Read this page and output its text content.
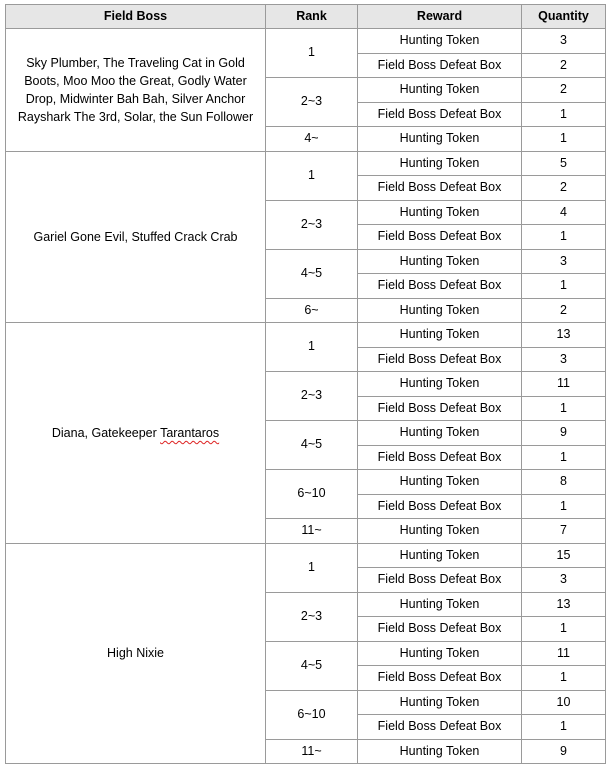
Field Boss	Rank	Reward	Quantity
Sky Plumber, The Traveling Cat in Gold Boots, Moo Moo the Great, Godly Water Drop, Midwinter Bah Bah, Silver Anchor Rayshark The 3rd, Solar, the Sun Follower	1	Hunting Token	3
		Field Boss Defeat Box	2
	2~3	Hunting Token	2
		Field Boss Defeat Box	1
	4~	Hunting Token	1
Gariel Gone Evil, Stuffed Crack Crab	1	Hunting Token	5
		Field Boss Defeat Box	2
	2~3	Hunting Token	4
		Field Boss Defeat Box	1
	4~5	Hunting Token	3
		Field Boss Defeat Box	1
	6~	Hunting Token	2
Diana, Gatekeeper Tarantaros	1	Hunting Token	13
		Field Boss Defeat Box	3
	2~3	Hunting Token	11
		Field Boss Defeat Box	1
	4~5	Hunting Token	9
		Field Boss Defeat Box	1
	6~10	Hunting Token	8
		Field Boss Defeat Box	1
	11~	Hunting Token	7
High Nixie	1	Hunting Token	15
		Field Boss Defeat Box	3
	2~3	Hunting Token	13
		Field Boss Defeat Box	1
	4~5	Hunting Token	11
		Field Boss Defeat Box	1
	6~10	Hunting Token	10
		Field Boss Defeat Box	1
	11~	Hunting Token	9
